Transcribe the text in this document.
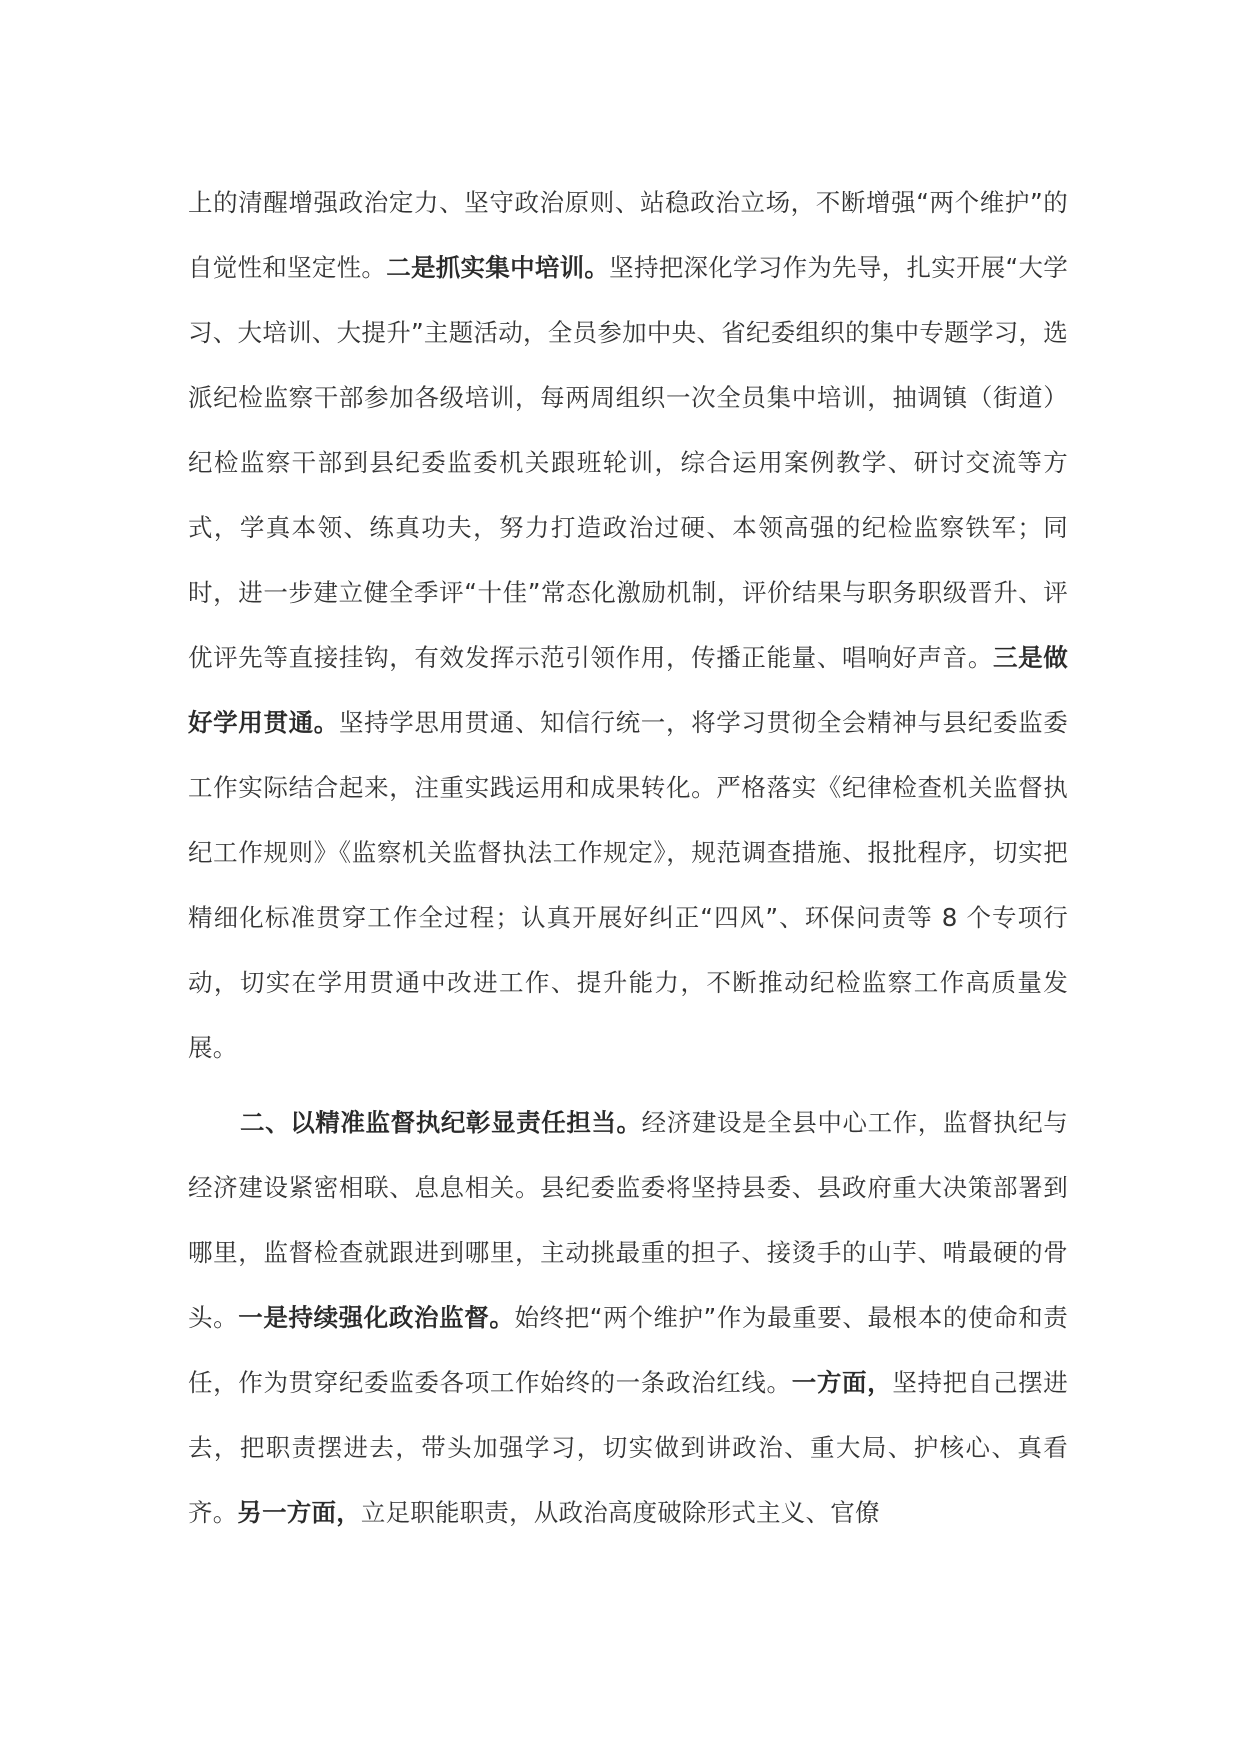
上的清醒增强政治定力、坚守政治原则、站稳政治立场，不断增强“两个维护”的自觉性和坚定性。二是抓实集中培训。坚持把深化学习作为先导，扎实开展“大学习、大培训、大提升”主题活动，全员参加中央、省纪委组织的集中专题学习，选派纪检监察干部参加各级培训，每两周组织一次全员集中培训，抽调镇（街道）纪检监察干部到县纪委监委机关跟班轮训，综合运用案例教学、研讨交流等方式，学真本领、练真功夫，努力打造政治过硬、本领高强的纪检监察铁军；同时，进一步建立健全季评“十佳”常态化激励机制，评价结果与职务职级晋升、评优评先等直接挂钩，有效发挥示范引领作用，传播正能量、唱响好声音。三是做好学用贯通。坚持学思用贯通、知信行统一，将学习贯彻全会精神与县纪委监委工作实际结合起来，注重实践运用和成果转化。严格落实《纪律检查机关监督执纪工作规则》《监察机关监督执法工作规定》，规范调查措施、报批程序，切实把精细化标准贯穿工作全过程；认真开展好纠正“四风”、环保问责等 8 个专项行动，切实在学用贯通中改进工作、提升能力，不断推动纪检监察工作高质量发展。

二、以精准监督执纪彰显责任担当。经济建设是全县中心工作，监督执纪与经济建设紧密相联、息息相关。县纪委监委将坚持县委、县政府重大决策部署到哪里，监督检查就跟进到哪里，主动挑最重的担子、接烫手的山芋、啃最硬的骨头。一是持续强化政治监督。始终把“两个维护”作为最重要、最根本的使命和责任，作为贯穿纪委监委各项工作始终的一条政治红线。一方面，坚持把自己摆进去，把职责摆进去，带头加强学习，切实做到讲政治、重大局、护核心、真看齐。另一方面，立足职能职责，从政治高度破除形式主义、官僚
